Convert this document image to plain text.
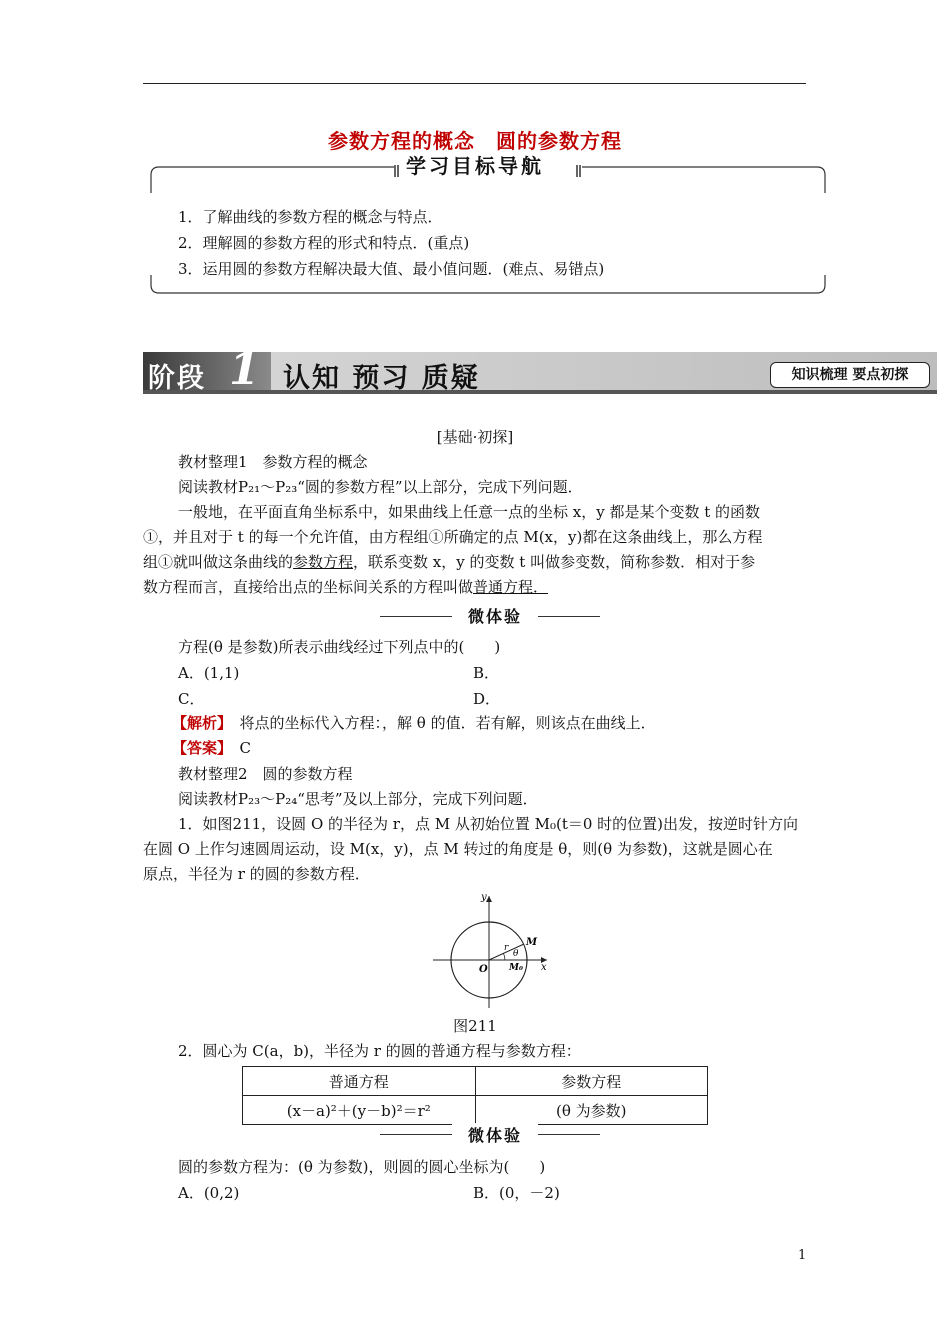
参数方程的概念　圆的参数方程
学习目标导航
1．了解曲线的参数方程的概念与特点．
2．理解圆的参数方程的形式和特点．(重点)
3．运用圆的参数方程解决最大值、最小值问题．(难点、易错点)
阶段 1 认知 预习 质疑	知识梳理 要点初探
[基础·初探]
教材整理1　参数方程的概念
阅读教材P₂₁～P₂₃“圆的参数方程”以上部分，完成下列问题．
一般地，在平面直角坐标系中，如果曲线上任意一点的坐标 x，y 都是某个变数 t 的函数
①，并且对于 t 的每一个允许值，由方程组①所确定的点 M(x，y)都在这条曲线上，那么方程
组①就叫做这条曲线的参数方程，联系变数 x，y 的变数 t 叫做参变数，简称参数．相对于参
数方程而言，直接给出点的坐标间关系的方程叫做普通方程．
微体验
方程(θ 是参数)所表示曲线经过下列点中的(　　)
A．(1,1)	B．
C．	D．
【解析】　将点的坐标代入方程：，解 θ 的值．若有解，则该点在曲线上．
【答案】　C
教材整理2　圆的参数方程
阅读教材P₂₃～P₂₄“思考”及以上部分，完成下列问题．
1．如图211，设圆 O 的半径为 r，点 M 从初始位置 M₀(t＝0 时的位置)出发，按逆时针方向
在圆 O 上作匀速圆周运动，设 M(x，y)，点 M 转过的角度是 θ，则(θ 为参数)，这就是圆心在
原点，半径为 r 的圆的参数方程．
y
x
O
M
M₀
r
θ
图211
2．圆心为 C(a，b)，半径为 r 的圆的普通方程与参数方程：
普通方程	参数方程
(x－a)²＋(y－b)²＝r²	(θ 为参数)
微体验
圆的参数方程为：(θ 为参数)，则圆的圆心坐标为(　　)
A．(0,2)	B．(0，－2)
1
